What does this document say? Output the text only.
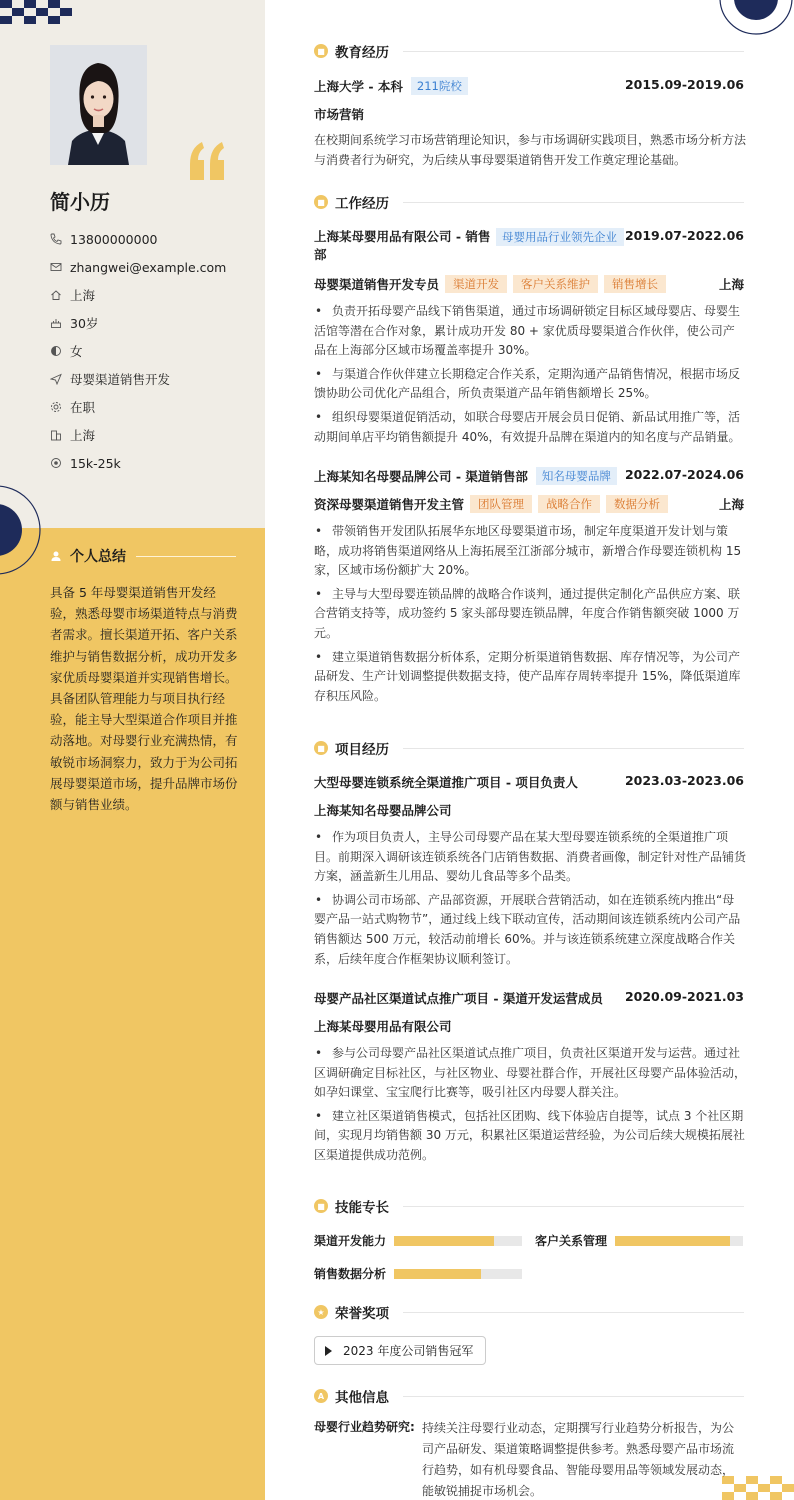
简小历
13800000000
zhangwei@example.com
上海
30岁
女
母婴渠道销售开发
在职
上海
15k-25k
个人总结
具备 5 年母婴渠道销售开发经验，熟悉母婴市场渠道特点与消费者需求。擅长渠道开拓、客户关系维护与销售数据分析，成功开发多家优质母婴渠道并实现销售增长。具备团队管理能力与项目执行经验，能主导大型渠道合作项目并推动落地。对母婴行业充满热情，有敏锐市场洞察力，致力于为公司拓展母婴渠道市场，提升品牌市场份额与销售业绩。
■ 教育经历
上海大学 - 本科	211院校	2015.09-2019.06
市场营销
在校期间系统学习市场营销理论知识，参与市场调研实践项目，熟悉市场分析方法与消费者行为研究，为后续从事母婴渠道销售开发工作奠定理论基础。
■ 工作经历
上海某母婴用品有限公司 - 销售部
母婴用品行业领先企业 2019.07-2022.06
母婴渠道销售开发专员	渠道开发	客户关系维护	销售增长	上海
• 负责开拓母婴产品线下销售渠道，通过市场调研锁定目标区域母婴店、母婴生活馆等潜在合作对象，累计成功开发 80 + 家优质母婴渠道合作伙伴，使公司产品在上海部分区域市场覆盖率提升 30%。
• 与渠道合作伙伴建立长期稳定合作关系，定期沟通产品销售情况，根据市场反馈协助公司优化产品组合，所负责渠道产品年销售额增长 25%。
• 组织母婴渠道促销活动，如联合母婴店开展会员日促销、新品试用推广等，活动期间单店平均销售额提升 40%，有效提升品牌在渠道内的知名度与产品销量。
上海某知名母婴品牌公司 - 渠道销售部	知名母婴品牌	2022.07-2024.06
资深母婴渠道销售开发主管	团队管理	战略合作	数据分析	上海
• 带领销售开发团队拓展华东地区母婴渠道市场，制定年度渠道开发计划与策略，成功将销售渠道网络从上海拓展至江浙部分城市，新增合作母婴连锁机构 15 家，区域市场份额扩大 20%。
• 主导与大型母婴连锁品牌的战略合作谈判，通过提供定制化产品供应方案、联合营销支持等，成功签约 5 家头部母婴连锁品牌，年度合作销售额突破 1000 万元。
• 建立渠道销售数据分析体系，定期分析渠道销售数据、库存情况等，为公司产品研发、生产计划调整提供数据支持，使产品库存周转率提升 15%，降低渠道库存积压风险。
■ 项目经历
大型母婴连锁系统全渠道推广项目 - 项目负责人	2023.03-2023.06
上海某知名母婴品牌公司
• 作为项目负责人，主导公司母婴产品在某大型母婴连锁系统的全渠道推广项目。前期深入调研该连锁系统各门店销售数据、消费者画像，制定针对性产品铺货方案，涵盖新生儿用品、婴幼儿食品等多个品类。
• 协调公司市场部、产品部资源，开展联合营销活动，如在连锁系统内推出“母婴产品一站式购物节”，通过线上线下联动宣传，活动期间该连锁系统内公司产品销售额达 500 万元，较活动前增长 60%。并与该连锁系统建立深度战略合作关系，后续年度合作框架协议顺利签订。
母婴产品社区渠道试点推广项目 - 渠道开发运营成员 2020.09-2021.03
上海某母婴用品有限公司
• 参与公司母婴产品社区渠道试点推广项目，负责社区渠道开发与运营。通过社区调研确定目标社区，与社区物业、母婴社群合作，开展社区母婴产品体验活动，如孕妇课堂、宝宝爬行比赛等，吸引社区内母婴人群关注。
• 建立社区渠道销售模式，包括社区团购、线下体验店自提等，试点 3 个社区期间，实现月均销售额 30 万元，积累社区渠道运营经验，为公司后续大规模拓展社区渠道提供成功范例。
■ 技能专长
渠道开发能力	客户关系管理
销售数据分析
★ 荣誉奖项
2023 年度公司销售冠军
A 其他信息
母婴行业趋势研究: 持续关注母婴行业动态，定期撰写行业趋势分析报告，为公司产品研发、渠道策略调整提供参考。熟悉母婴产品市场流行趋势，如有机母婴食品、智能母婴用品等领域发展动态，能敏锐捕捉市场机会。
